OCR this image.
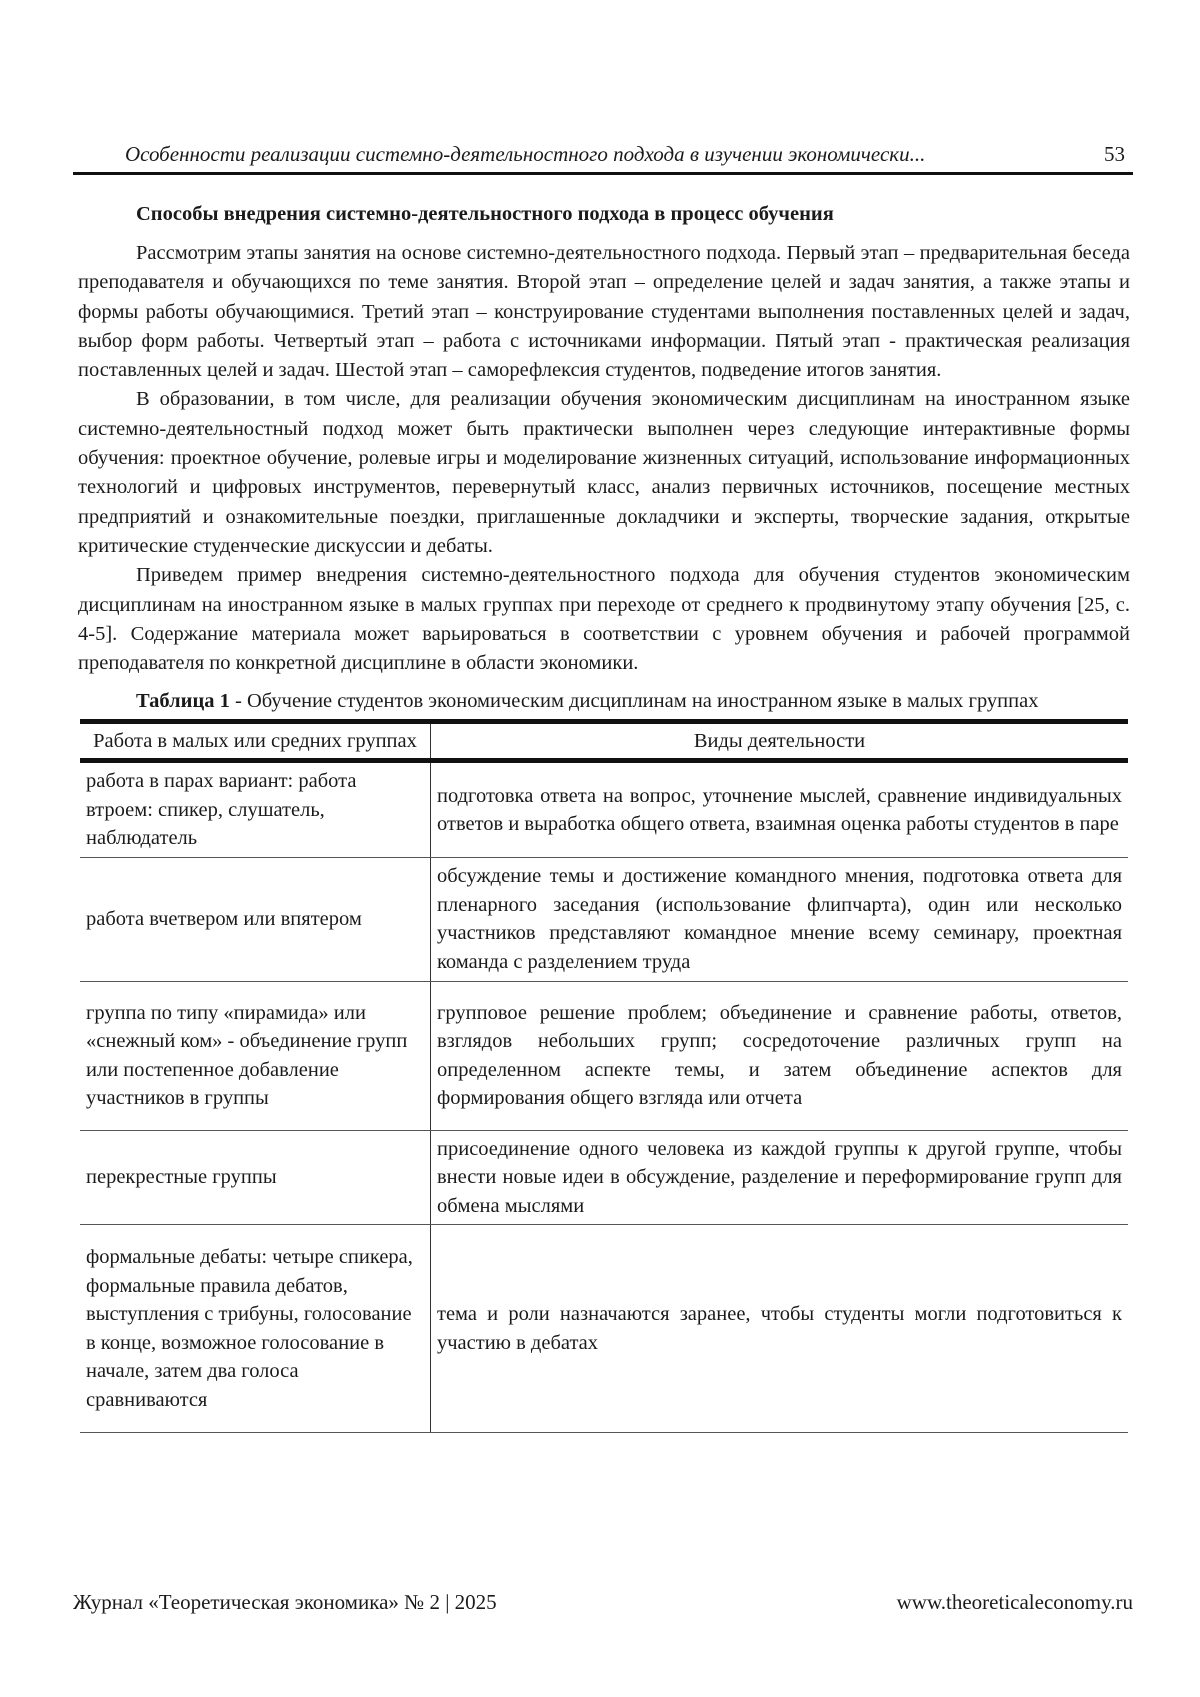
Особенности реализации системно-деятельностного подхода в изучении экономически...	53
Способы внедрения системно-деятельностного подхода в процесс обучения

Рассмотрим этапы занятия на основе системно-деятельностного подхода. Первый этап – предварительная беседа преподавателя и обучающихся по теме занятия. Второй этап – определение целей и задач занятия, а также этапы и формы работы обучающимися. Третий этап – конструирование студентами выполнения поставленных целей и задач, выбор форм работы. Четвертый этап – работа с источниками информации. Пятый этап - практическая реализация поставленных целей и задач. Шестой этап – саморефлексия студентов, подведение итогов занятия.

В образовании, в том числе, для реализации обучения экономическим дисциплинам на иностранном языке системно-деятельностный подход может быть практически выполнен через следующие интерактивные формы обучения: проектное обучение, ролевые игры и моделирование жизненных ситуаций, использование информационных технологий и цифровых инструментов, перевернутый класс, анализ первичных источников, посещение местных предприятий и ознакомительные поездки, приглашенные докладчики и эксперты, творческие задания, открытые критические студенческие дискуссии и дебаты.

Приведем пример внедрения системно-деятельностного подхода для обучения студентов экономическим дисциплинам на иностранном языке в малых группах при переходе от среднего к продвинутому этапу обучения [25, с. 4-5]. Содержание материала может варьироваться в соответствии с уровнем обучения и рабочей программой преподавателя по конкретной дисциплине в области экономики.

Таблица 1 - Обучение студентов экономическим дисциплинам на иностранном языке в малых группах
Работа в малых или средних группах	Виды деятельности
работа в парах вариант: работа втроем: спикер, слушатель, наблюдатель	подготовка ответа на вопрос, уточнение мыслей, сравнение индивидуальных ответов и выработка общего ответа, взаимная оценка работы студентов в паре
работа вчетвером или впятером	обсуждение темы и достижение командного мнения, подготовка ответа для пленарного заседания (использование флипчарта), один или несколько участников представляют командное мнение всему семинару, проектная команда с разделением труда
группа по типу «пирамида» или «снежный ком» - объединение групп или постепенное добавление участников в группы	групповое решение проблем; объединение и сравнение работы, ответов, взглядов небольших групп; сосредоточение различных групп на определенном аспекте темы, и затем объединение аспектов для формирования общего взгляда или отчета
перекрестные группы	присоединение одного человека из каждой группы к другой группе, чтобы внести новые идеи в обсуждение, разделение и переформирование групп для обмена мыслями
формальные дебаты: четыре спикера, формальные правила дебатов, выступления с трибуны, голосование в конце, возможное голосование в начале, затем два голоса сравниваются	тема и роли назначаются заранее, чтобы студенты могли подготовиться к участию в дебатах
Журнал «Теоретическая экономика» № 2 | 2025	www.theoreticaleconomy.ru
